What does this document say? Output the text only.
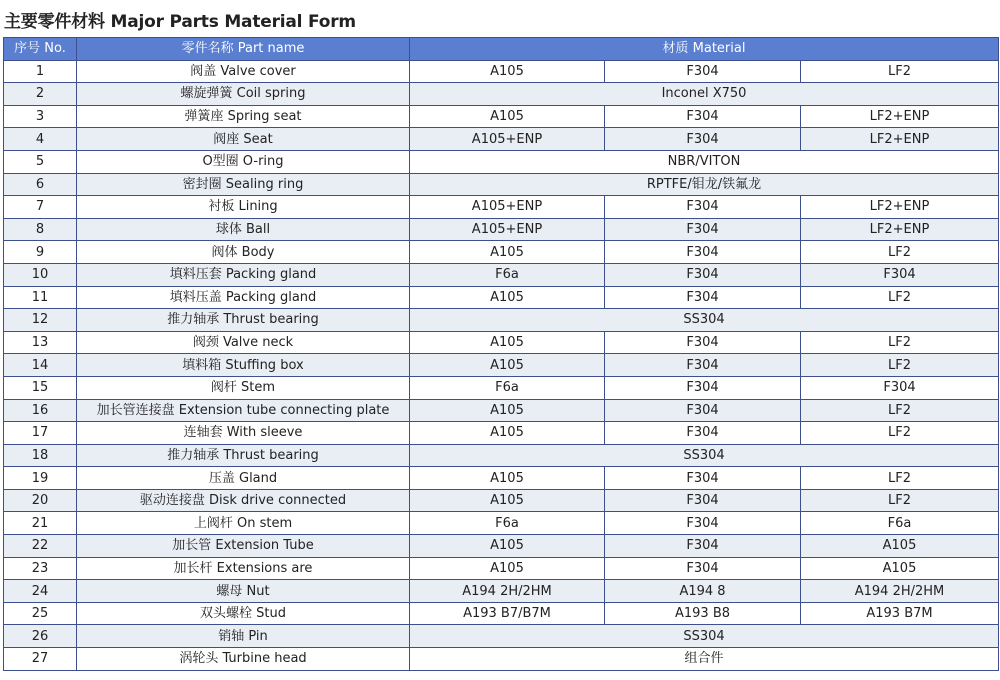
主要零件材料 Major Parts Material Form
序号 No.	零件名称 Part name	材质 Material		
1	阀盖 Valve cover	A105	F304	LF2
2	螺旋弹簧 Coil spring	Inconel X750		
3	弹簧座 Spring seat	A105	F304	LF2+ENP
4	阀座 Seat	A105+ENP	F304	LF2+ENP
5	O型圈 O-ring	NBR/VITON		
6	密封圈 Sealing ring	RPTFE/钼龙/铁氟龙		
7	衬板 Lining	A105+ENP	F304	LF2+ENP
8	球体 Ball	A105+ENP	F304	LF2+ENP
9	阀体 Body	A105	F304	LF2
10	填料压套 Packing gland	F6a	F304	F304
11	填料压盖 Packing gland	A105	F304	LF2
12	推力轴承 Thrust bearing	SS304		
13	阀颈 Valve neck	A105	F304	LF2
14	填料箱 Stuffing box	A105	F304	LF2
15	阀杆 Stem	F6a	F304	F304
16	加长管连接盘 Extension tube connecting plate	A105	F304	LF2
17	连轴套 With sleeve	A105	F304	LF2
18	推力轴承 Thrust bearing	SS304		
19	压盖 Gland	A105	F304	LF2
20	驱动连接盘 Disk drive connected	A105	F304	LF2
21	上阀杆 On stem	F6a	F304	F6a
22	加长管 Extension Tube	A105	F304	A105
23	加长杆 Extensions are	A105	F304	A105
24	螺母 Nut	A194 2H/2HM	A194 8	A194 2H/2HM
25	双头螺栓 Stud	A193 B7/B7M	A193 B8	A193 B7M
26	销轴 Pin	SS304		
27	涡轮头 Turbine head	组合件		
